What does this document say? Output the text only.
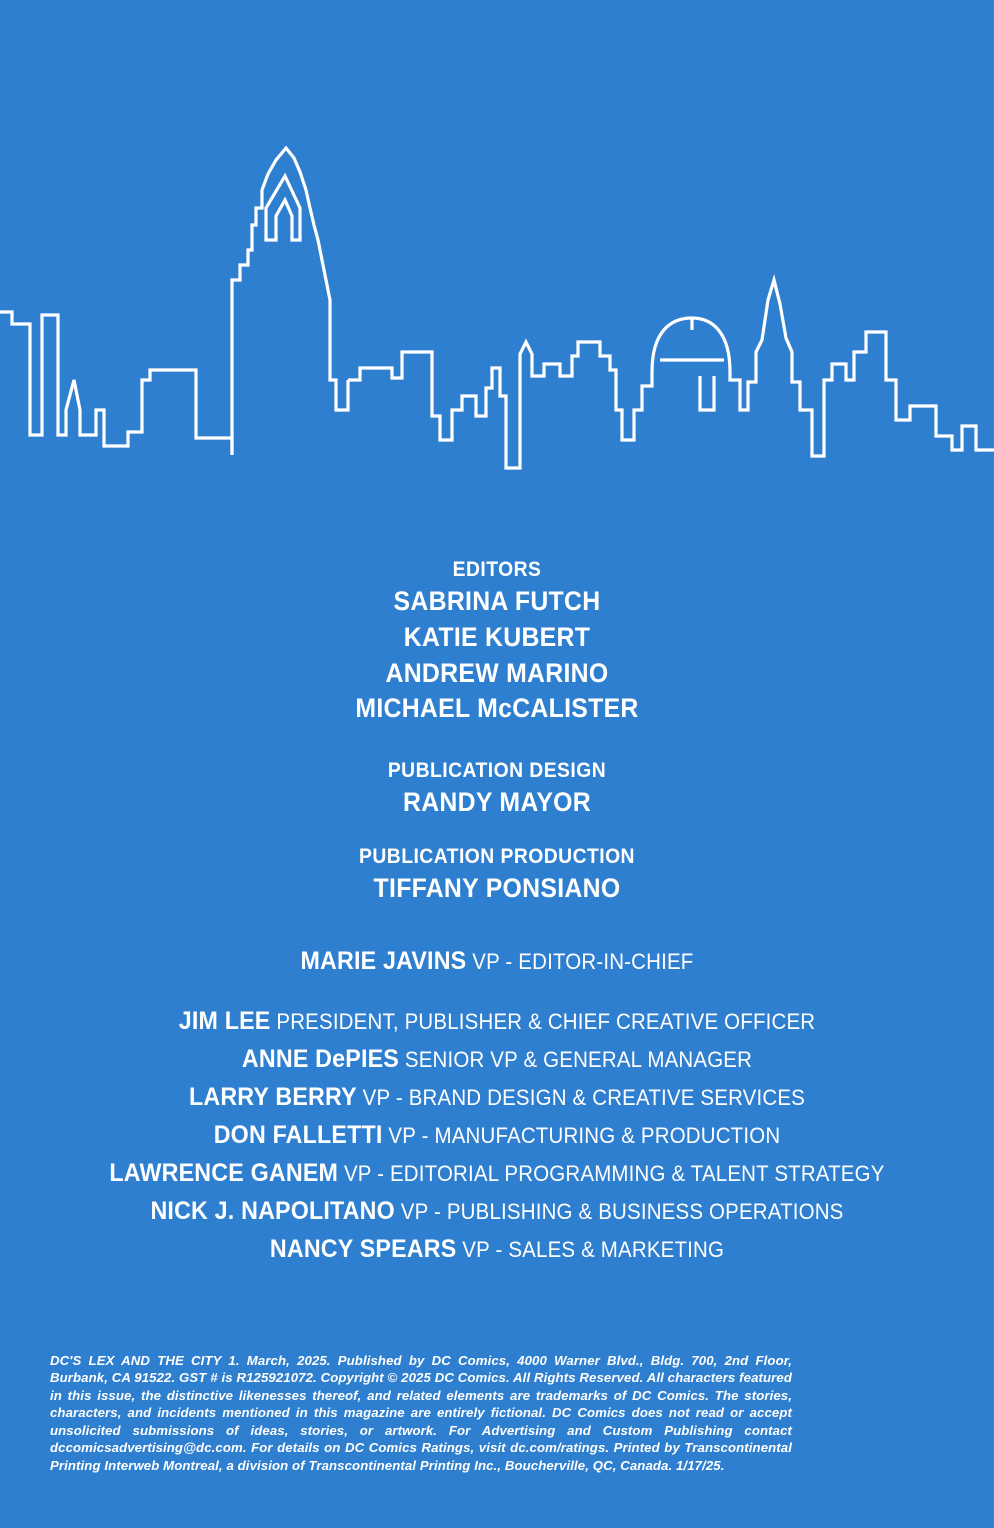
EDITORS
SABRINA FUTCH
KATIE KUBERT
ANDREW MARINO
MICHAEL McCALISTER
PUBLICATION DESIGN
RANDY MAYOR
PUBLICATION PRODUCTION
TIFFANY PONSIANO
MARIE JAVINS VP - EDITOR-IN-CHIEF
JIM LEE PRESIDENT, PUBLISHER & CHIEF CREATIVE OFFICER
ANNE DePIES SENIOR VP & GENERAL MANAGER
LARRY BERRY VP - BRAND DESIGN & CREATIVE SERVICES
DON FALLETTI VP - MANUFACTURING & PRODUCTION
LAWRENCE GANEM VP - EDITORIAL PROGRAMMING & TALENT STRATEGY
NICK J. NAPOLITANO VP - PUBLISHING & BUSINESS OPERATIONS
NANCY SPEARS VP - SALES & MARKETING
DC'S LEX AND THE CITY 1. March, 2025. Published by DC Comics, 4000 Warner Blvd., Bldg. 700, 2nd Floor, Burbank, CA 91522. GST # is R125921072. Copyright © 2025 DC Comics. All Rights Reserved. All characters featured in this issue, the distinctive likenesses thereof, and related elements are trademarks of DC Comics. The stories, characters, and incidents mentioned in this magazine are entirely fictional. DC Comics does not read or accept unsolicited submissions of ideas, stories, or artwork. For Advertising and Custom Publishing contact dccomicsadvertising@dc.com. For details on DC Comics Ratings, visit dc.com/ratings. Printed by Transcontinental Printing Interweb Montreal, a division of Transcontinental Printing Inc., Boucherville, QC, Canada. 1/17/25.
